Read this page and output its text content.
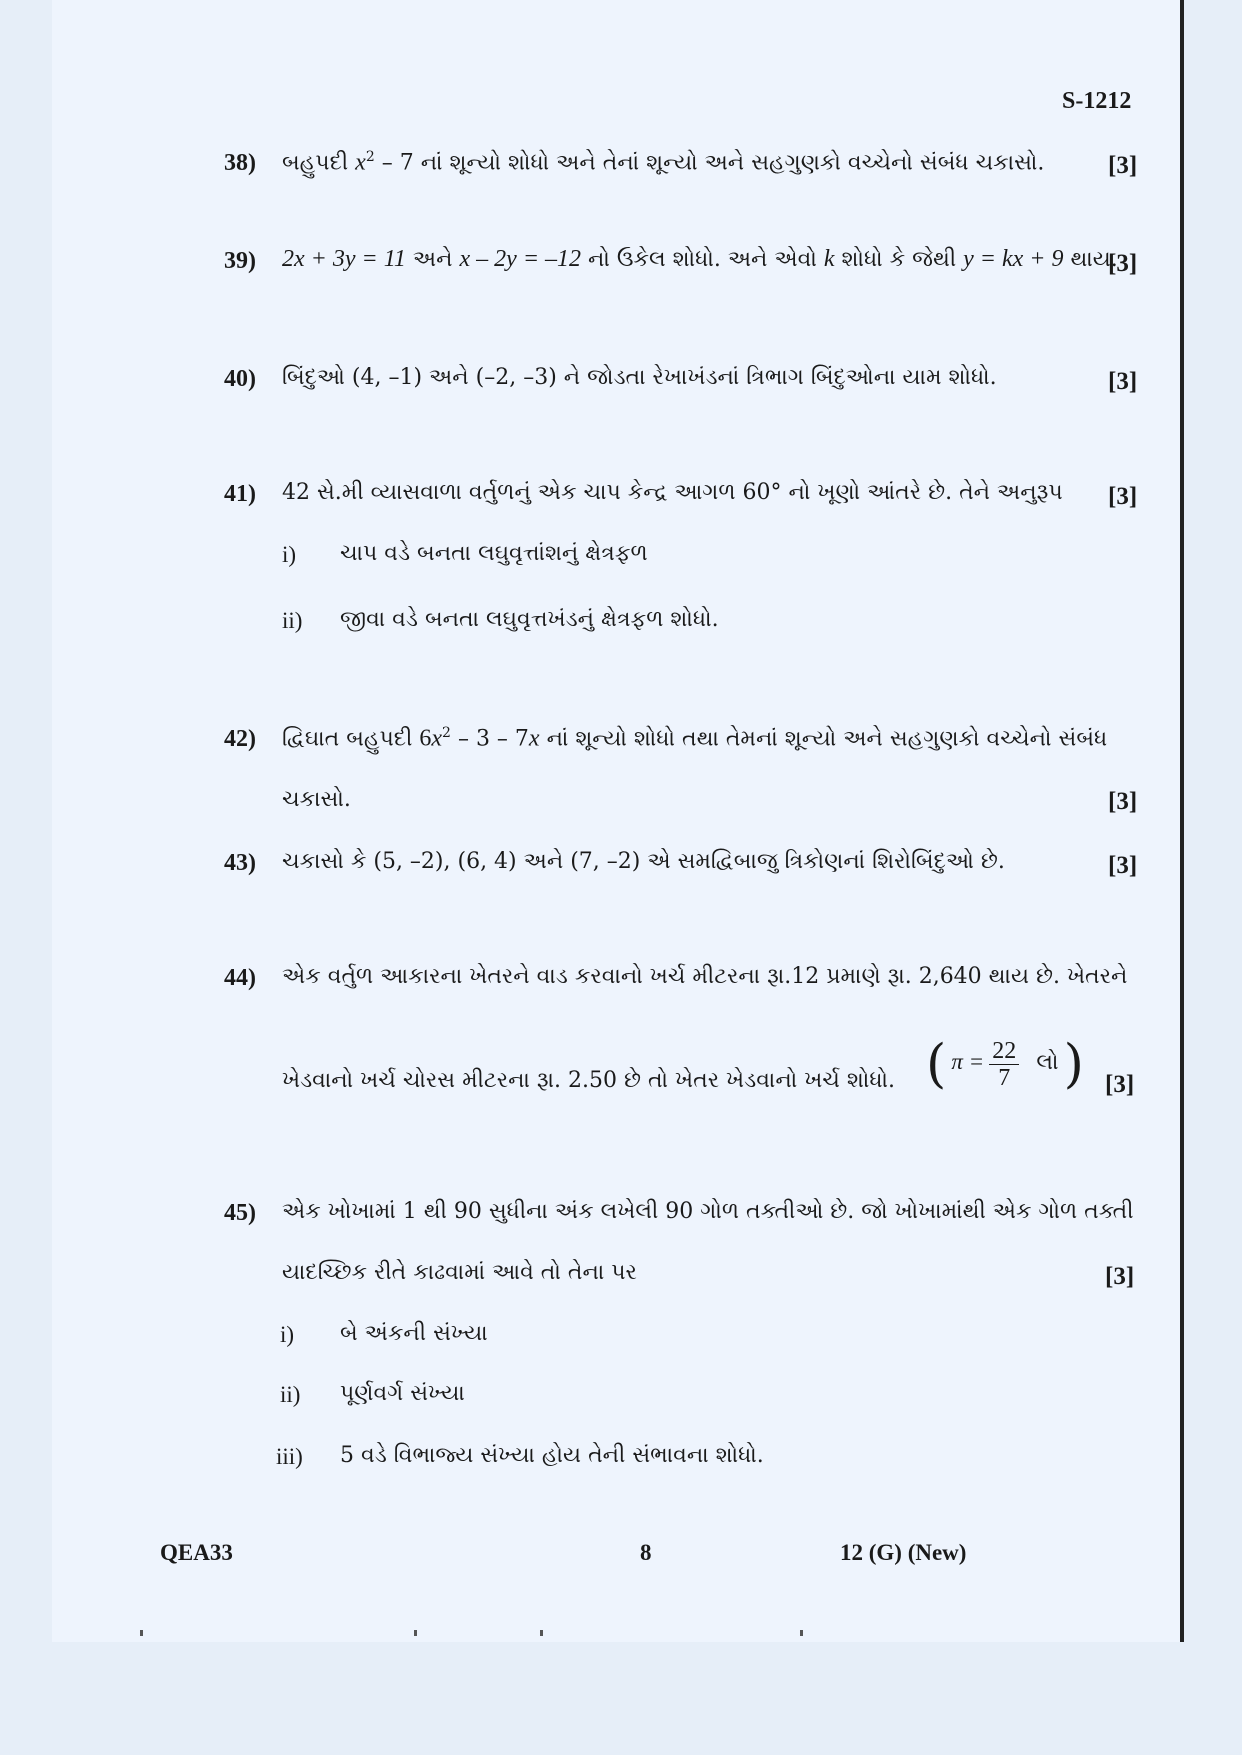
S-1212
38) બહુપદી $x^2 - 7$ નાં શૂન્યો શોધો અને તેનાં શૂન્યો અને સહગુણકો વચ્ચેનો સંબંધ ચકાસો.	[3]
39) 2x + 3y = 11 અને x – 2y = –12 નો ઉકેલ શોધો. અને એવો k શોધો કે જેથી y = kx + 9 થાય.
[3]
40) બિંદુઓ (4, –1) અને (–2, –3) ને જોડતા રેખાખંડનાં ત્રિભાગ બિંદુઓના યામ શોધો.	[3]
41) 42 સે.મી વ્યાસવાળા વર્તુળનું એક ચાપ કેન્દ્ર આગળ 60° નો ખૂણો આંતરે છે. તેને અનુરૂપ [3]
i) ચાપ વડે બનતા લઘુવૃત્તાંશનું ક્ષેત્રફળ
ii) જીવા વડે બનતા લઘુવૃત્તખંડનું ક્ષેત્રફળ શોધો.
42) દ્વિઘાત બહુપદી $6x^2 - 3 - 7x$ નાં શૂન્યો શોધો તથા તેમનાં શૂન્યો અને સહગુણકો વચ્ચેનો સંબંધ
ચકાસો.	[3]
43) ચકાસો કે (5, –2), (6, 4) અને (7, –2) એ સમદ્વિબાજુ ત્રિકોણનાં શિરોબિંદુઓ છે.	[3]
44) એક વર્તુળ આકારના ખેતરને વાડ કરવાનો ખર્ચ મીટરના રૂા.12 પ્રમાણે રૂા. 2,640 થાય છે. ખેતરને
ખેડવાનો ખર્ચ ચોરસ મીટરના રૂા. 2.50 છે તો ખેતર ખેડવાનો ખર્ચ શોધો. ( $\pi = \frac{22}{7}$ લો ) [3]
45) એક ખોખામાં 1 થી 90 સુધીના અંક લખેલી 90 ગોળ તક્તીઓ છે. જો ખોખામાંથી એક ગોળ તક્તી
યાદચ્છિક રીતે કાઢવામાં આવે તો તેના પર	[3]
i) બે અંકની સંખ્યા
ii) પૂર્ણવર્ગ સંખ્યા
iii) 5 વડે વિભાજ્ય સંખ્યા હોય તેની સંભાવના શોધો.
QEA33	8	12 (G) (New)
